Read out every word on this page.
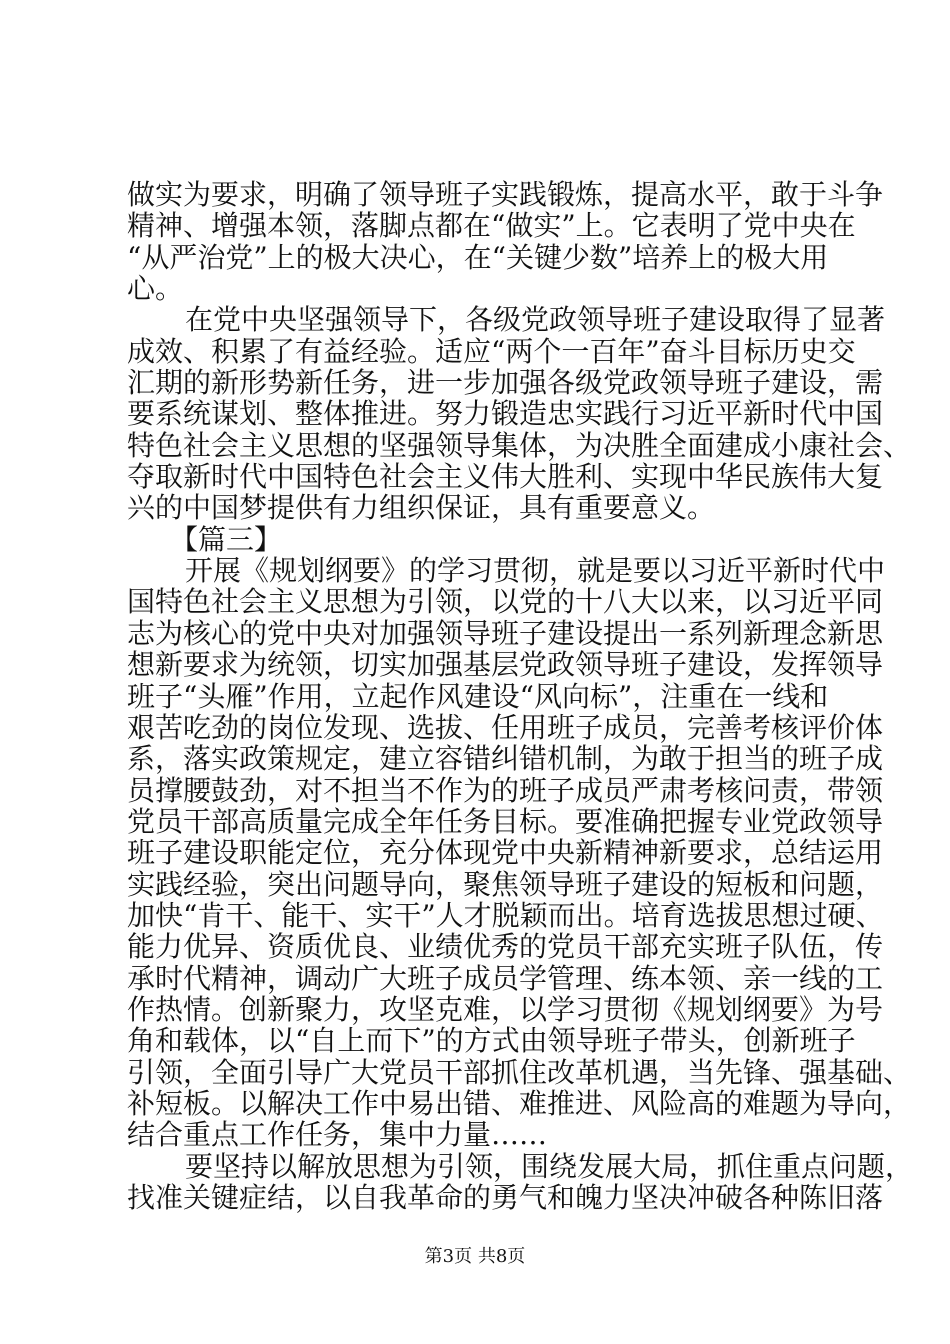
做实为要求，明确了领导班子实践锻炼，提高水平，敢于斗争
精神、增强本领，落脚点都在“做实”上。它表明了党中央在
“从严治党”上的极大决心，在“关键少数”培养上的极大用
心。
在党中央坚强领导下，各级党政领导班子建设取得了显著
成效、积累了有益经验。适应“两个一百年”奋斗目标历史交
汇期的新形势新任务，进一步加强各级党政领导班子建设，需
要系统谋划、整体推进。努力锻造忠实践行习近平新时代中国
特色社会主义思想的坚强领导集体，为决胜全面建成小康社会、
夺取新时代中国特色社会主义伟大胜利、实现中华民族伟大复
兴的中国梦提供有力组织保证，具有重要意义。
【篇三】
开展《规划纲要》的学习贯彻，就是要以习近平新时代中
国特色社会主义思想为引领，以党的十八大以来，以习近平同
志为核心的党中央对加强领导班子建设提出一系列新理念新思
想新要求为统领，切实加强基层党政领导班子建设，发挥领导
班子“头雁”作用，立起作风建设“风向标”，注重在一线和
艰苦吃劲的岗位发现、选拔、任用班子成员，完善考核评价体
系，落实政策规定，建立容错纠错机制，为敢于担当的班子成
员撑腰鼓劲，对不担当不作为的班子成员严肃考核问责，带领
党员干部高质量完成全年任务目标。要准确把握专业党政领导
班子建设职能定位，充分体现党中央新精神新要求，总结运用
实践经验，突出问题导向，聚焦领导班子建设的短板和问题，
加快“肯干、能干、实干”人才脱颖而出。培育选拔思想过硬、
能力优异、资质优良、业绩优秀的党员干部充实班子队伍，传
承时代精神，调动广大班子成员学管理、练本领、亲一线的工
作热情。创新聚力，攻坚克难，以学习贯彻《规划纲要》为号
角和载体，以“自上而下”的方式由领导班子带头，创新班子
引领，全面引导广大党员干部抓住改革机遇，当先锋、强基础、
补短板。以解决工作中易出错、难推进、风险高的难题为导向，
结合重点工作任务，集中力量……
要坚持以解放思想为引领，围绕发展大局，抓住重点问题，
找准关键症结，以自我革命的勇气和魄力坚决冲破各种陈旧落
第3页 共8页
